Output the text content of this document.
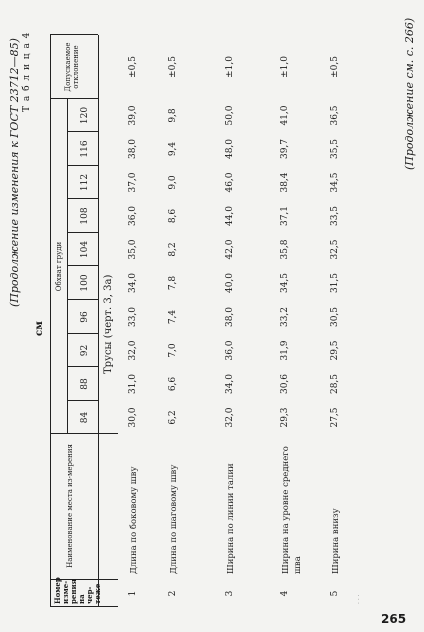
(Продолжение изменения к ГОСТ 23712—85) Т а б л и ц а 4
см
Номер изме-рения на чер-теже
Наименование места из-мерения
Обхват груди
Допускаемое отклонение
84
88
92
96
100
104
108
112
116
120
Трусы (черт. 3, 3а)
1
Длина по боковому шву
30,0
31,0
32,0
33,0
34,0
35,0
36,0
37,0
38,0
39,0
±0,5
2
Длина по шаговому шву
6,2
6,6
7,0
7,4
7,8
8,2
8,6
9,0
9,4
9,8
±0,5
3
Ширина по линии талии
32,0
34,0
36,0
38,0
40,0
42,0
44,0
46,0
48,0
50,0
±1,0
4
Ширина на уровне среднего шва
29,3
30,6
31,9
33,2
34,5
35,8
37,1
38,4
39,7
41,0
±1,0
5
Ширина внизу
27,5
28,5
29,5
30,5
31,5
32,5
33,5
34,5
35,5
36,5
±0,5	(Продолжение см. с. 266)
· · ·
265
